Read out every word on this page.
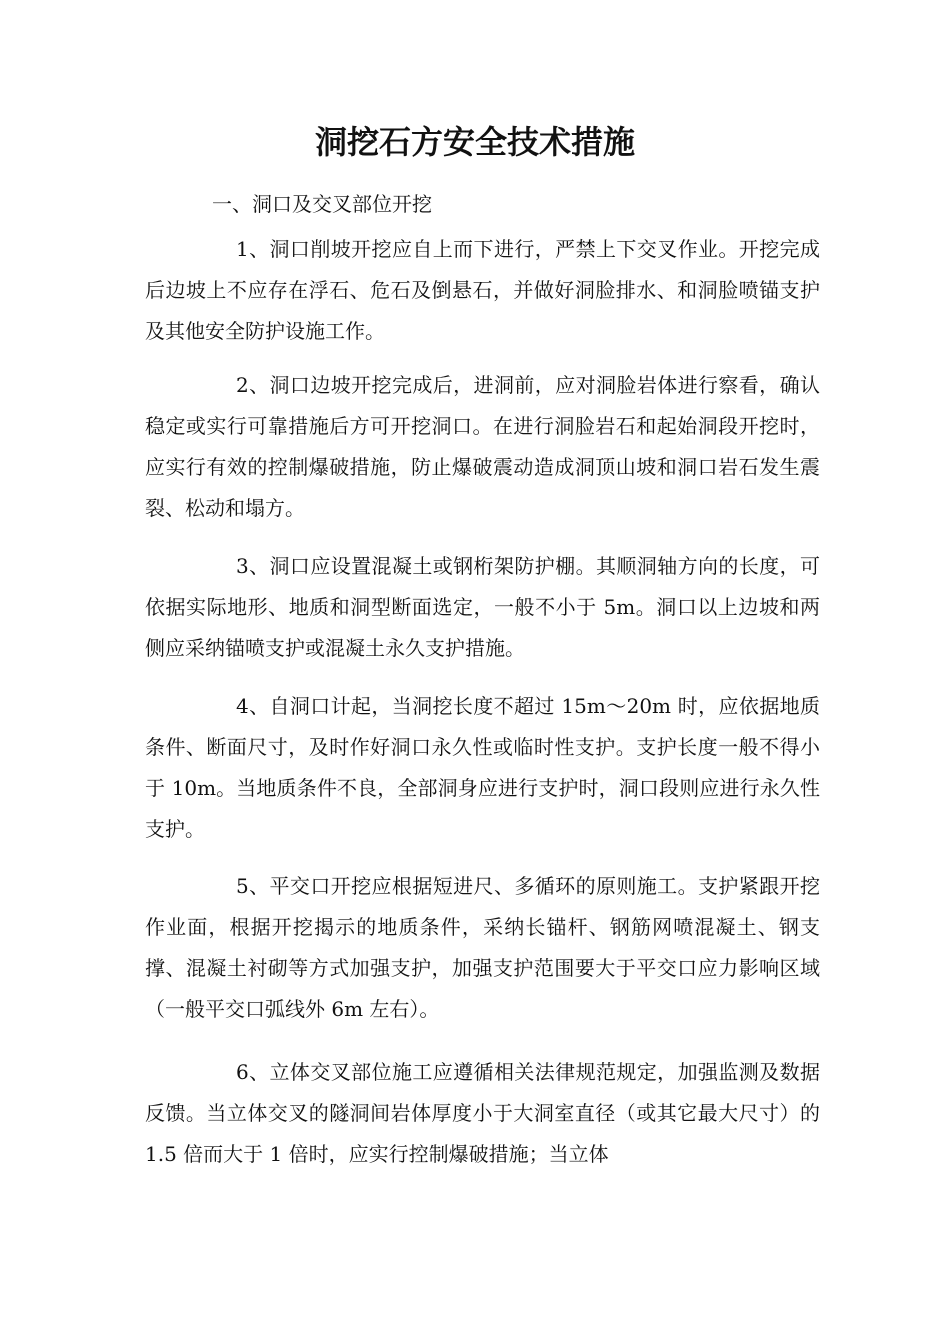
洞挖石方安全技术措施
一、洞口及交叉部位开挖

1、洞口削坡开挖应自上而下进行，严禁上下交叉作业。开挖完成后边坡上不应存在浮石、危石及倒悬石，并做好洞脸排水、和洞脸喷锚支护及其他安全防护设施工作。

2、洞口边坡开挖完成后，进洞前，应对洞脸岩体进行察看，确认稳定或实行可靠措施后方可开挖洞口。在进行洞脸岩石和起始洞段开挖时，应实行有效的控制爆破措施，防止爆破震动造成洞顶山坡和洞口岩石发生震裂、松动和塌方。

3、洞口应设置混凝土或钢桁架防护棚。其顺洞轴方向的长度，可依据实际地形、地质和洞型断面选定，一般不小于 5m。洞口以上边坡和两侧应采纳锚喷支护或混凝土永久支护措施。

4、自洞口计起，当洞挖长度不超过 15m～20m 时，应依据地质条件、断面尺寸，及时作好洞口永久性或临时性支护。支护长度一般不得小于 10m。当地质条件不良，全部洞身应进行支护时，洞口段则应进行永久性支护。

5、平交口开挖应根据短进尺、多循环的原则施工。支护紧跟开挖作业面，根据开挖揭示的地质条件，采纳长锚杆、钢筋网喷混凝土、钢支撑、混凝土衬砌等方式加强支护，加强支护范围要大于平交口应力影响区域（一般平交口弧线外 6m 左右）。

6、立体交叉部位施工应遵循相关法律规范规定，加强监测及数据反馈。当立体交叉的隧洞间岩体厚度小于大洞室直径（或其它最大尺寸）的 1.5 倍而大于 1 倍时，应实行控制爆破措施；当立体
